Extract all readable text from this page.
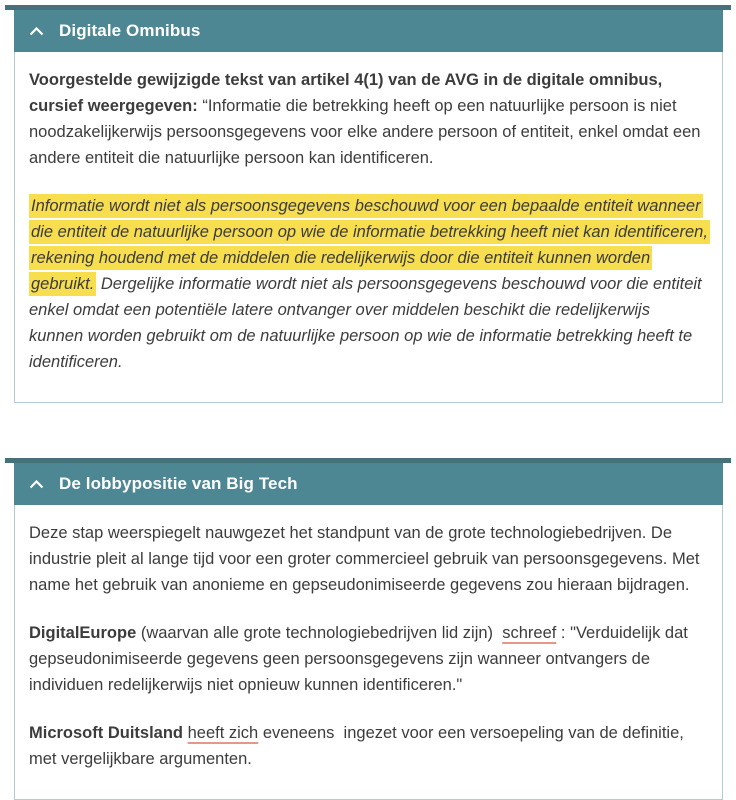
Digitale Omnibus

Voorgestelde gewijzigde tekst van artikel 4(1) van de AVG in de digitale omnibus, cursief weergegeven: “Informatie die betrekking heeft op een natuurlijke persoon is niet noodzakelijkerwijs persoonsgegevens voor elke andere persoon of entiteit, enkel omdat een andere entiteit die natuurlijke persoon kan identificeren.

Informatie wordt niet als persoonsgegevens beschouwd voor een bepaalde entiteit wanneer die entiteit de natuurlijke persoon op wie de informatie betrekking heeft niet kan identificeren, rekening houdend met de middelen die redelijkerwijs door die entiteit kunnen worden gebruikt. Dergelijke informatie wordt niet als persoonsgegevens beschouwd voor die entiteit enkel omdat een potentiële latere ontvanger over middelen beschikt die redelijkerwijs kunnen worden gebruikt om de natuurlijke persoon op wie de informatie betrekking heeft te identificeren.

De lobbypositie van Big Tech

Deze stap weerspiegelt nauwgezet het standpunt van de grote technologiebedrijven. De industrie pleit al lange tijd voor een groter commercieel gebruik van persoonsgegevens. Met name het gebruik van anonieme en gepseudonimiseerde gegevens zou hieraan bijdragen.

DigitalEurope (waarvan alle grote technologiebedrijven lid zijn)  schreef : "Verduidelijk dat gepseudonimiseerde gegevens geen persoonsgegevens zijn wanneer ontvangers de individuen redelijkerwijs niet opnieuw kunnen identificeren."

Microsoft Duitsland heeft zich eveneens  ingezet voor een versoepeling van de definitie, met vergelijkbare argumenten.
